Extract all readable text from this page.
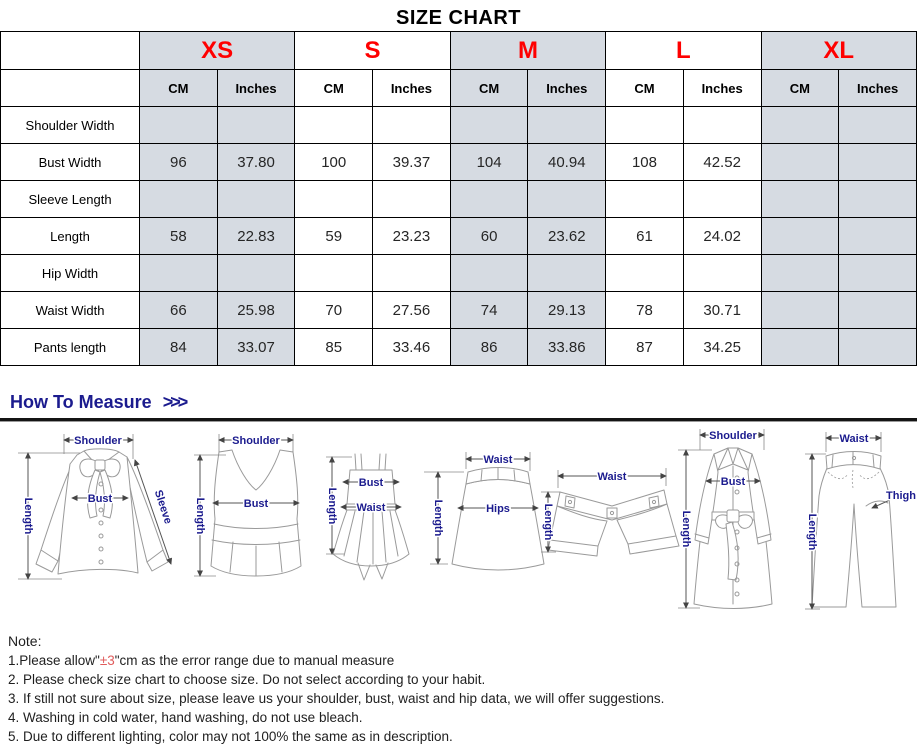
SIZE CHART
	XS		S		M		L		XL	
	CM	Inches	CM	Inches	CM	Inches	CM	Inches	CM	Inches
Shoulder Width										
Bust Width	96	37.80	100	39.37	104	40.94	108	42.52		
Sleeve Length										
Length	58	22.83	59	23.23	60	23.62	61	24.02		
Hip Width										
Waist Width	66	25.98	70	27.56	74	29.13	78	30.71		
Pants length	84	33.07	85	33.46	86	33.86	87	34.25		
How To Measure >>>
Shoulder
Length	Bust	Sleeve
Shoulder
Length	Bust	Length
Bust
Waist
Waist
Length	Hips
Waist
Length
Shoulder
Length
Bust
Waist
Length
Thigh
Note:
1.Please allow"±3"cm as the error range due to manual measure
2. Please check size chart to choose size. Do not select according to your habit.
3. If still not sure about size, please leave us your shoulder, bust, waist and hip data, we will offer suggestions.
4. Washing in cold water, hand washing, do not use bleach.
5. Due to different lighting, color may not 100% the same as in description.
